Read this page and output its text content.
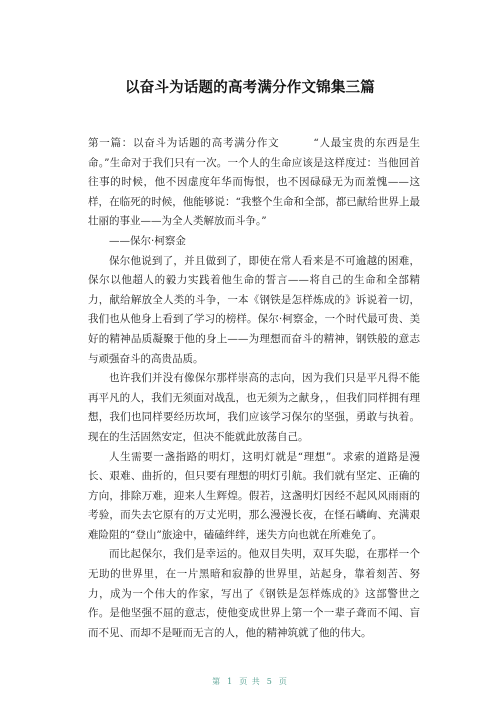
以奋斗为话题的高考满分作文锦集三篇

第一篇：以奋斗为话题的高考满分作文	“人最宝贵的东西是生命。”生命对于我们只有一次。一个人的生命应该是这样度过：当他回首往事的时候，他不因虚度年华而悔恨，也不因碌碌无为而羞愧——这样，在临死的时候，他能够说：“我整个生命和全部，都已献给世界上最壮丽的事业——为全人类解放而斗争。”

——保尔·柯察金

保尔他说到了，并且做到了，即使在常人看来是不可逾越的困难，保尔以他超人的毅力实践着他生命的誓言——将自己的生命和全部精力，献给解放全人类的斗争，一本《钢铁是怎样炼成的》诉说着一切，我们也从他身上看到了学习的榜样。保尔·柯察金，一个时代最可贵、美好的精神品质凝聚于他的身上——为理想而奋斗的精神，钢铁般的意志与顽强奋斗的高贵品质。

也许我们并没有像保尔那样崇高的志向，因为我们只是平凡得不能再平凡的人，我们无须面对战乱，也无须为之献身，，但我们同样拥有理想，我们也同样要经历坎坷，我们应该学习保尔的坚强，勇敢与执着。现在的生活固然安定，但决不能就此放荡自己。

人生需要一盏指路的明灯，这明灯就是“理想”。求索的道路是漫长、艰难、曲折的，但只要有理想的明灯引航。我们就有坚定、正确的方向，排除万难，迎来人生辉煌。假若，这盏明灯因经不起风风雨雨的考验，而失去它原有的万丈光明，那么漫漫长夜，在怪石嶙峋、充满艰难险阻的“登山”旅途中，磕磕绊绊，迷失方向也就在所难免了。

而比起保尔，我们是幸运的。他双目失明，双耳失聪，在那样一个无助的世界里，在一片黑暗和寂静的世界里，站起身，靠着刻苦、努力，成为一个伟大的作家，写出了《钢铁是怎样炼成的》这部警世之作。是他坚强不屈的意志，使他变成世界上第一个一辈子聋而不闻、盲而不见、而却不是哑而无言的人，他的精神筑就了他的伟大。

第 1 页 共 5 页
